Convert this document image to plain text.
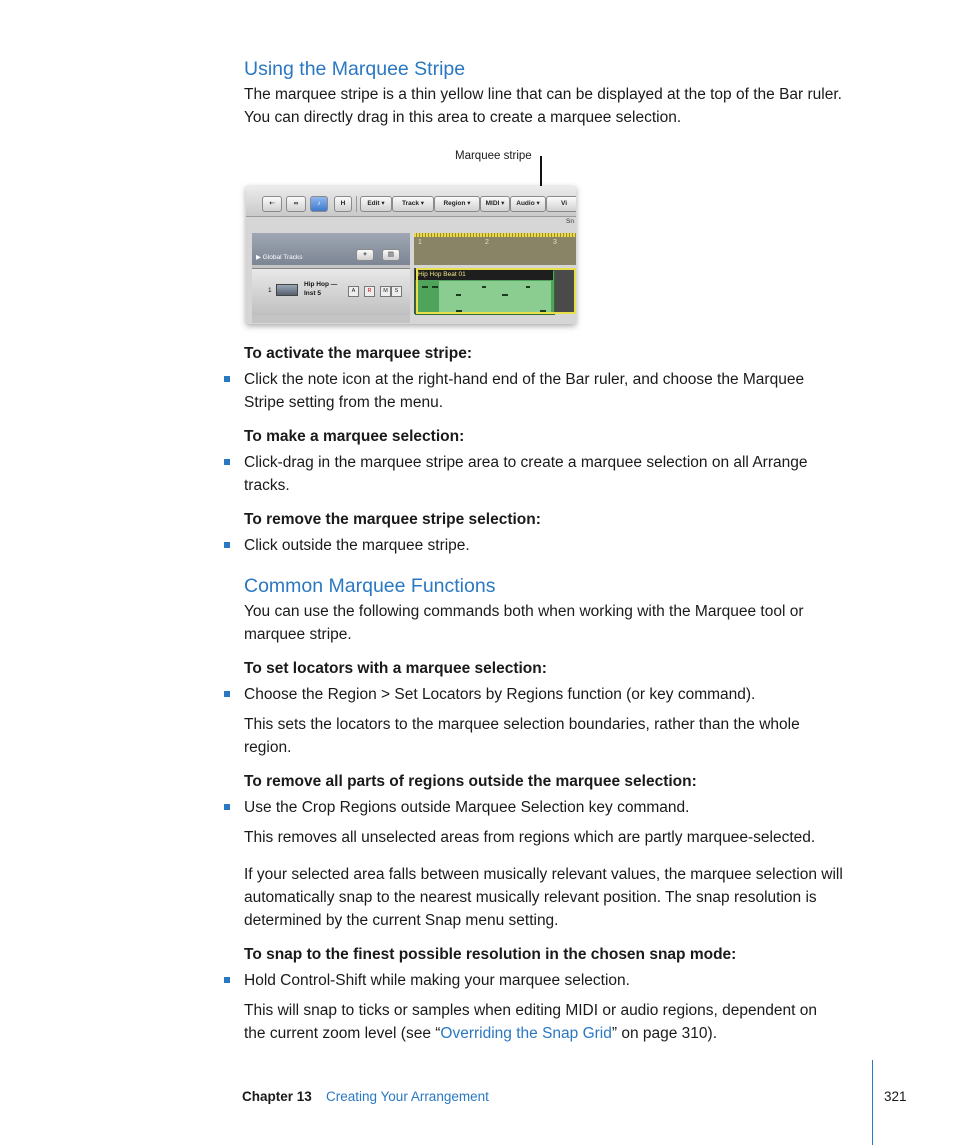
Using the Marquee Stripe
The marquee stripe is a thin yellow line that can be displayed at the top of the Bar ruler.
You can directly drag in this area to create a marquee selection.
Marquee stripe
⇠	∞	♪	H	Edit ▾	Track ▾	Region ▾	MIDI ▾	Audio ▾	Vi
Sn
▶ Global Tracks	+	▤
1
Hip Hop —
Inst 5	A	R	M	S
1	2	3
Hip Hop Beat 01
To activate the marquee stripe:
Click the note icon at the right-hand end of the Bar ruler, and choose the Marquee
Stripe setting from the menu.
To make a marquee selection:
Click-drag in the marquee stripe area to create a marquee selection on all Arrange
tracks.
To remove the marquee stripe selection:
Click outside the marquee stripe.
Common Marquee Functions
You can use the following commands both when working with the Marquee tool or
marquee stripe.
To set locators with a marquee selection:
Choose the Region > Set Locators by Regions function (or key command).
This sets the locators to the marquee selection boundaries, rather than the whole
region.
To remove all parts of regions outside the marquee selection:
Use the Crop Regions outside Marquee Selection key command.
This removes all unselected areas from regions which are partly marquee-selected.
If your selected area falls between musically relevant values, the marquee selection will
automatically snap to the nearest musically relevant position. The snap resolution is
determined by the current Snap menu setting.
To snap to the finest possible resolution in the chosen snap mode:
Hold Control-Shift while making your marquee selection.
This will snap to ticks or samples when editing MIDI or audio regions, dependent on
the current zoom level (see “Overriding the Snap Grid” on page 310).
Chapter 13 Creating Your Arrangement	321
